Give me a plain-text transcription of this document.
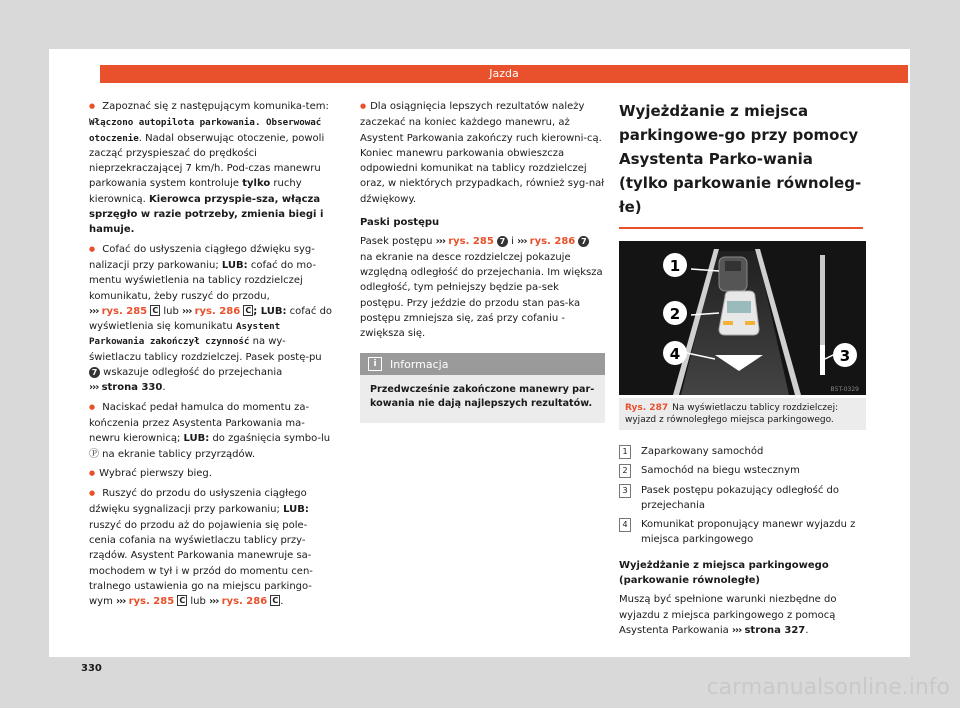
Jazda

● Zapoznać się z następującym komunika-tem: Włączono autopilota parkowania. Obserwować otoczenie. Nadal obserwując otoczenie, powoli zacząć przyspieszać do prędkości nieprzekraczającej 7 km/h. Pod-czas manewru parkowania system kontroluje tylko ruchy kierownicą. Kierowca przyspie-sza, włącza sprzęgło w razie potrzeby, zmienia biegi i hamuje.

● Cofać do usłyszenia ciągłego dźwięku syg-nalizacji przy parkowaniu; LUB: cofać do mo-mentu wyświetlenia na tablicy rozdzielczej komunikatu, żeby ruszyć do przodu,
››› rys. 285 C lub ››› rys. 286 C ; LUB: cofać do wyświetlenia się komunikatu Asystent Parkowania zakończył czynność na wy-świetlaczu tablicy rozdzielczej. Pasek postę-pu 7 wskazuje odległość do przejechania
››› strona 330.

● Naciskać pedał hamulca do momentu za-kończenia przez Asystenta Parkowania ma-newru kierownicą; LUB: do zgaśnięcia symbo-lu Ⓟ na ekranie tablicy przyrządów.

● Wybrać pierwszy bieg.

● Ruszyć do przodu do usłyszenia ciągłego dźwięku sygnalizacji przy parkowaniu; LUB: ruszyć do przodu aż do pojawienia się pole-cenia cofania na wyświetlaczu tablicy przy-rządów. Asystent Parkowania manewruje sa-mochodem w tył i w przód do momentu cen-tralnego ustawienia go na miejscu parkingo-wym ››› rys. 285 C lub ››› rys. 286 C .

● Dla osiągnięcia lepszych rezultatów należy zaczekać na koniec każdego manewru, aż Asystent Parkowania zakończy ruch kierowni-cą. Koniec manewru parkowania obwieszcza odpowiedni komunikat na tablicy rozdzielczej oraz, w niektórych przypadkach, również syg-nał dźwiękowy.

Paski postępu

Pasek postępu ››› rys. 285 7 i ››› rys. 286 7 na ekranie na desce rozdzielczej pokazuje względną odległość do przejechania. Im większa odległość, tym pełniejszy będzie pa-sek postępu. Przy jeździe do przodu stan pas-ka postępu zmniejsza się, zaś przy cofaniu - zwiększa się.

i	Informacja
Przedwcześnie zakończone manewry par-kowania nie dają najlepszych rezultatów.
Wyjeżdżanie z miejsca parkingowe-go przy pomocy Asystenta Parko-wania (tylko parkowanie równoleg-łe)
1
2
3
4
B5T-0329
Rys. 287 Na wyświetlaczu tablicy rozdzielczej: wyjazd z równoległego miejsca parkingowego.
1	Zaparkowany samochód
2	Samochód na biegu wstecznym
3	Pasek postępu pokazujący odległość do przejechania
4	Komunikat proponujący manewr wyjazdu z miejsca parkingowego

Wyjeżdżanie z miejsca parkingowego (parkowanie równoległe)

Muszą być spełnione warunki niezbędne do wyjazdu z miejsca parkingowego z pomocą Asystenta Parkowania ››› strona 327.

330
carmanualsonline.info
